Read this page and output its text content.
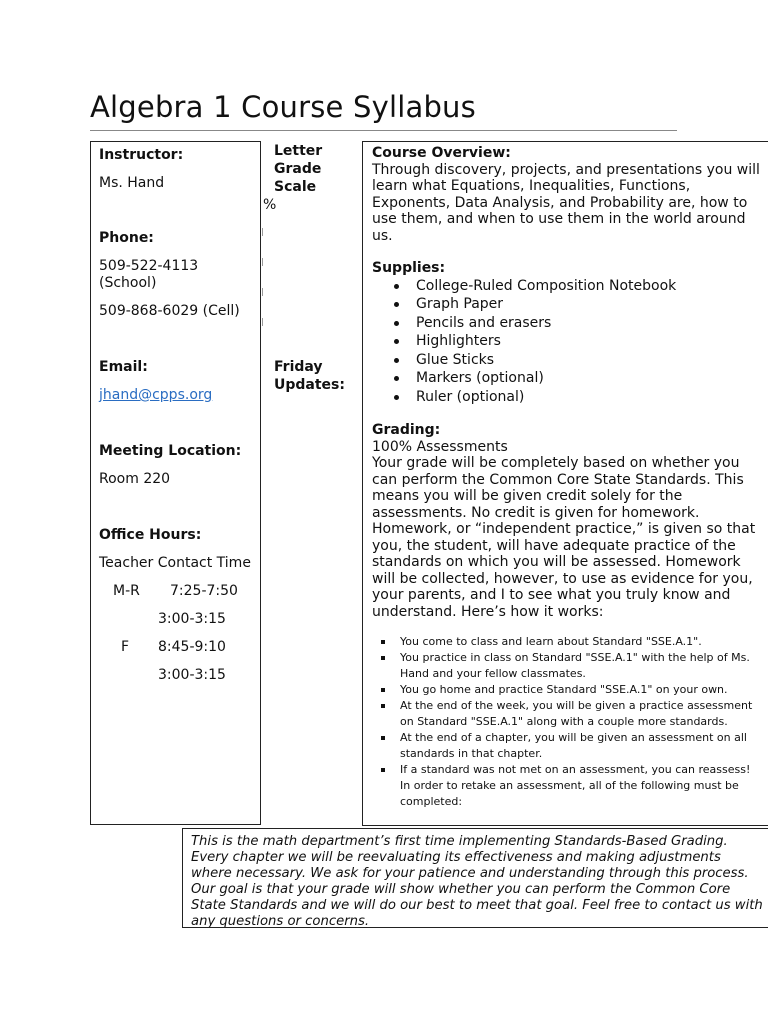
Algebra 1 Course Syllabus
Instructor:
Ms. Hand
Phone:
509-522-4113
(School)
509-868-6029 (Cell)
Email:
jhand@cpps.org
Meeting Location:
Room 220
Office Hours:
Teacher Contact Time
M-R 7:25-7:50
3:00-3:15
F 8:45-9:10
3:00-3:15
Letter
Grade
Scale
%
Friday
Updates:
Course Overview:

Through discovery, projects, and presentations you will learn what Equations, Inequalities, Functions, Exponents, Data Analysis, and Probability are, how to use them, and when to use them in the world around us.

Supplies:
College-Ruled Composition Notebook
Graph Paper
Pencils and erasers
Highlighters
Glue Sticks
Markers (optional)
Ruler (optional)
Grading:
100% Assessments

Your grade will be completely based on whether you can perform the Common Core State Standards. This means you will be given credit solely for the assessments. No credit is given for homework. Homework, or “independent practice,” is given so that you, the student, will have adequate practice of the standards on which you will be assessed. Homework will be collected, however, to use as evidence for you, your parents, and I to see what you truly know and understand. Here’s how it works:

You come to class and learn about Standard "SSE.A.1".
You practice in class on Standard "SSE.A.1" with the help of Ms. Hand and your fellow classmates.
You go home and practice Standard "SSE.A.1" on your own.
At the end of the week, you will be given a practice assessment on Standard "SSE.A.1" along with a couple more standards.
At the end of a chapter, you will be given an assessment on all standards in that chapter.
If a standard was not met on an assessment, you can reassess! In order to retake an assessment, all of the following must be completed:
This is the math department’s first time implementing Standards-Based Grading. Every chapter we will be reevaluating its effectiveness and making adjustments where necessary. We ask for your patience and understanding through this process. Our goal is that your grade will show whether you can perform the Common Core State Standards and we will do our best to meet that goal. Feel free to contact us with any questions or concerns.
